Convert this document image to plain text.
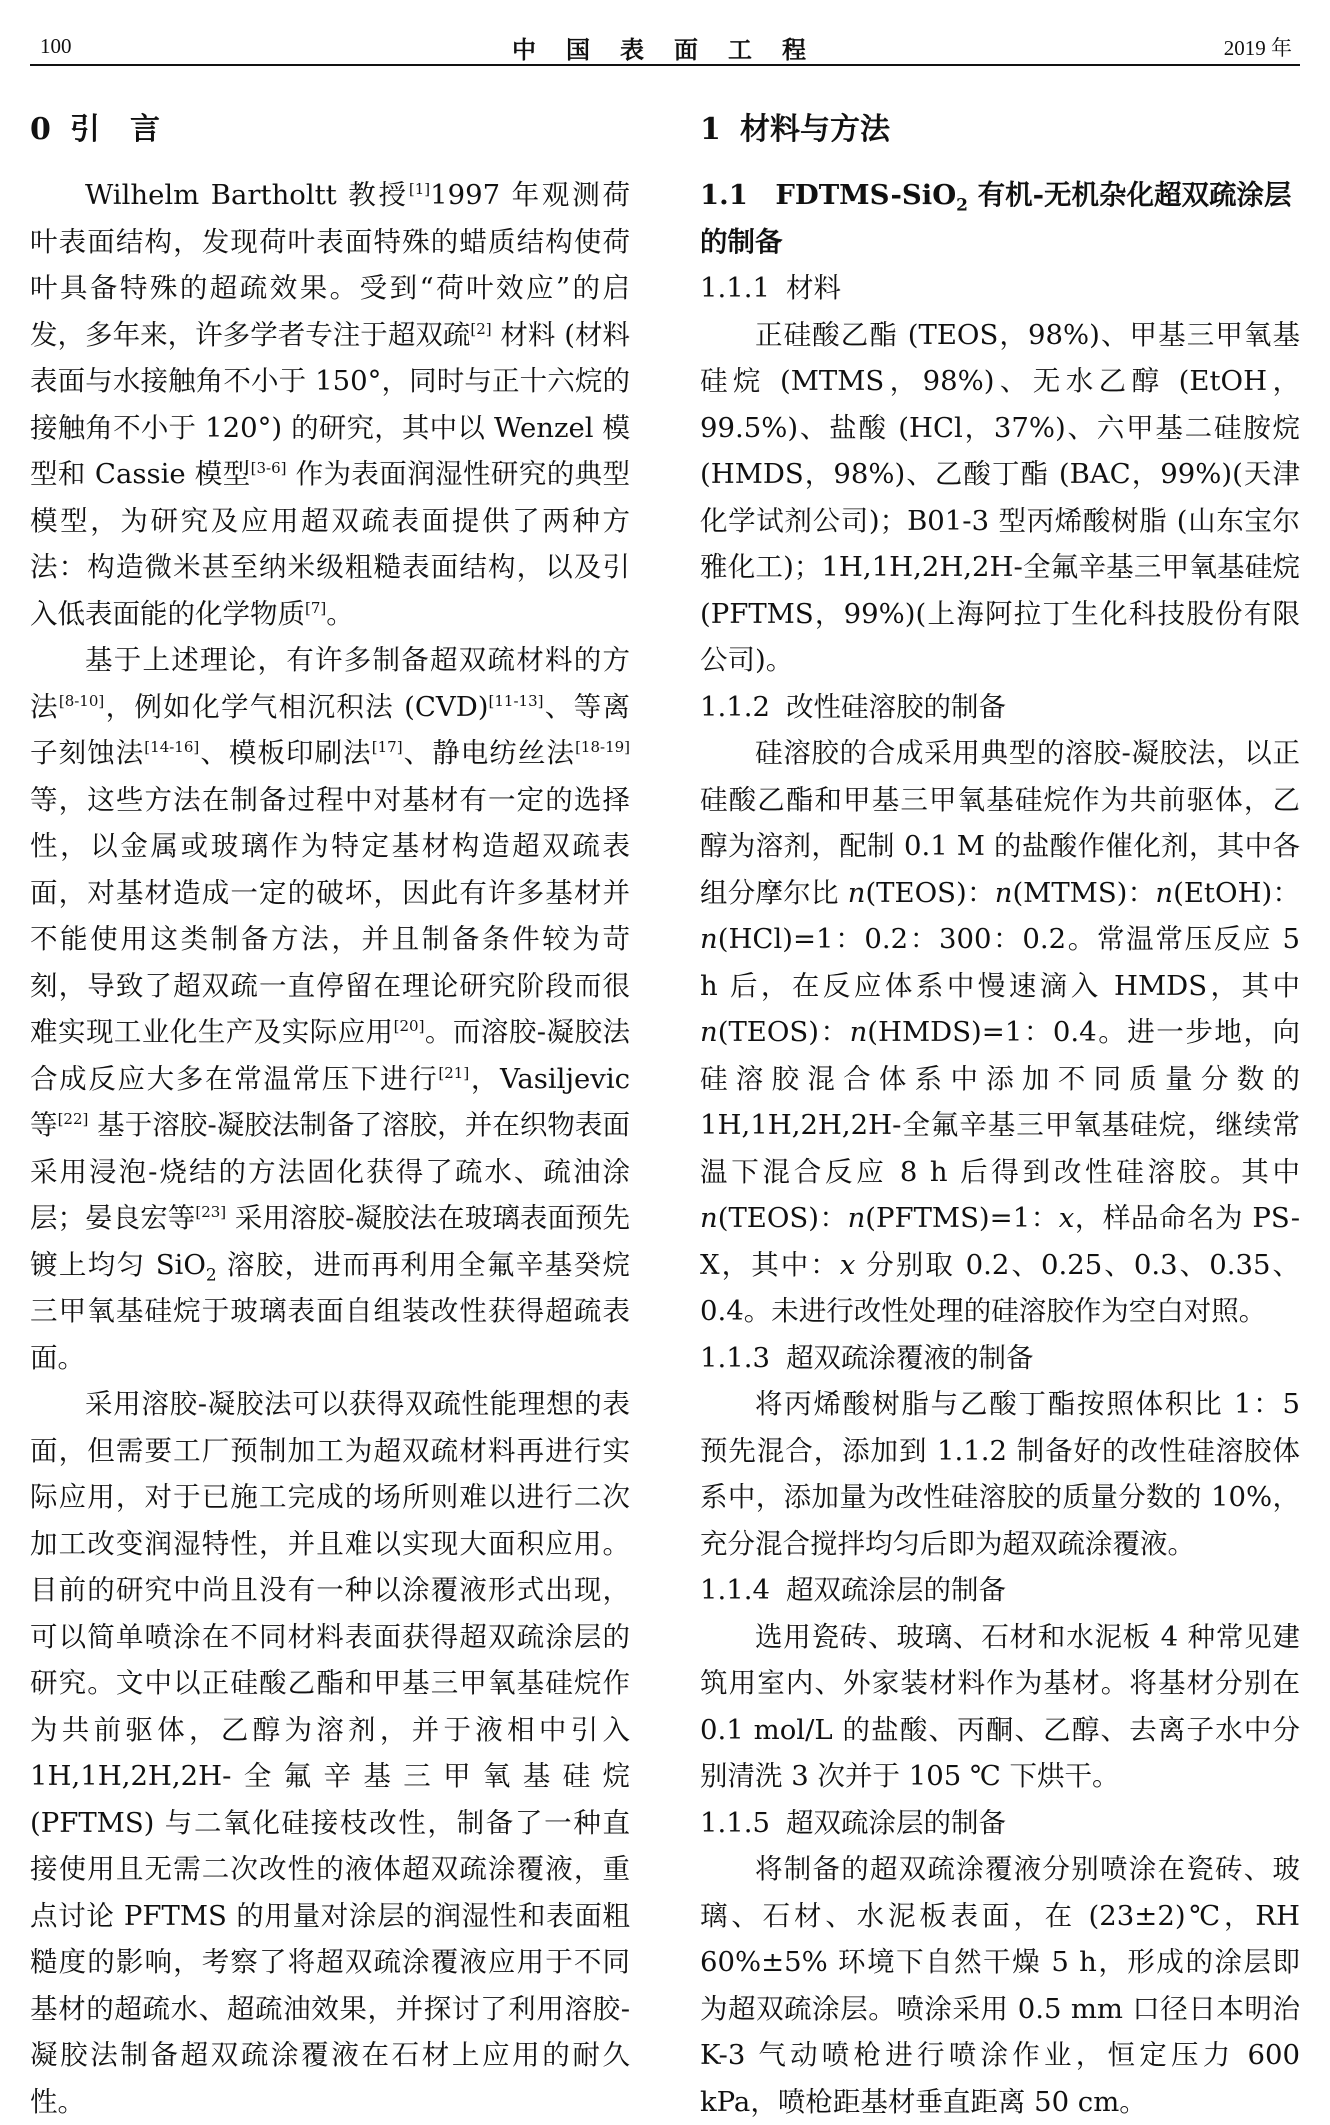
100	中 国 表 面 工 程	2019 年
0 引　言

Wilhelm Bartholtt 教授[1]1997 年观测荷叶表面结构，发现荷叶表面特殊的蜡质结构使荷叶具备特殊的超疏效果。受到“荷叶效应”的启发，多年来，许多学者专注于超双疏[2] 材料 (材料表面与水接触角不小于 150°，同时与正十六烷的接触角不小于 120°) 的研究，其中以 Wenzel 模型和 Cassie 模型[3-6] 作为表面润湿性研究的典型模型，为研究及应用超双疏表面提供了两种方法：构造微米甚至纳米级粗糙表面结构，以及引入低表面能的化学物质[7]。

基于上述理论，有许多制备超双疏材料的方法[8-10]，例如化学气相沉积法 (CVD)[11-13]、等离子刻蚀法[14-16]、模板印刷法[17]、静电纺丝法[18-19]等，这些方法在制备过程中对基材有一定的选择性，以金属或玻璃作为特定基材构造超双疏表面，对基材造成一定的破坏，因此有许多基材并不能使用这类制备方法，并且制备条件较为苛刻，导致了超双疏一直停留在理论研究阶段而很难实现工业化生产及实际应用[20]。而溶胶-凝胶法合成反应大多在常温常压下进行[21]，Vasiljevic 等[22] 基于溶胶-凝胶法制备了溶胶，并在织物表面采用浸泡-烧结的方法固化获得了疏水、疏油涂层；晏良宏等[23] 采用溶胶-凝胶法在玻璃表面预先镀上均匀 SiO$_2$ 溶胶，进而再利用全氟辛基癸烷三甲氧基硅烷于玻璃表面自组装改性获得超疏表面。

采用溶胶-凝胶法可以获得双疏性能理想的表面，但需要工厂预制加工为超双疏材料再进行实际应用，对于已施工完成的场所则难以进行二次加工改变润湿特性，并且难以实现大面积应用。目前的研究中尚且没有一种以涂覆液形式出现，可以简单喷涂在不同材料表面获得超双疏涂层的研究。文中以正硅酸乙酯和甲基三甲氧基硅烷作为共前驱体，乙醇为溶剂，并于液相中引入 1H,1H,2H,2H-全氟辛基三甲氧基硅烷 (PFTMS) 与二氧化硅接枝改性，制备了一种直接使用且无需二次改性的液体超双疏涂覆液，重点讨论 PFTMS 的用量对涂层的润湿性和表面粗糙度的影响，考察了将超双疏涂覆液应用于不同基材的超疏水、超疏油效果，并探讨了利用溶胶-凝胶法制备超双疏涂覆液在石材上应用的耐久性。

1 材料与方法
1.1　FDTMS-SiO$_2$ 有机-无机杂化超双疏涂层的制备
1.1.1 材料

正硅酸乙酯 (TEOS，98%)、甲基三甲氧基硅烷 (MTMS，98%)、无水乙醇 (EtOH，99.5%)、盐酸 (HCl，37%)、六甲基二硅胺烷 (HMDS，98%)、乙酸丁酯 (BAC，99%)(天津化学试剂公司)；B01-3 型丙烯酸树脂 (山东宝尔雅化工)；1H,1H,2H,2H-全氟辛基三甲氧基硅烷 (PFTMS，99%)(上海阿拉丁生化科技股份有限公司)。

1.1.2 改性硅溶胶的制备

硅溶胶的合成采用典型的溶胶-凝胶法，以正硅酸乙酯和甲基三甲氧基硅烷作为共前驱体，乙醇为溶剂，配制 0.1 M 的盐酸作催化剂，其中各组分摩尔比 n(TEOS)：n(MTMS)：n(EtOH)：n(HCl)=1：0.2：300：0.2。常温常压反应 5 h 后，在反应体系中慢速滴入 HMDS，其中 n(TEOS)：n(HMDS)=1：0.4。进一步地，向硅溶胶混合体系中添加不同质量分数的 1H,1H,2H,2H-全氟辛基三甲氧基硅烷，继续常温下混合反应 8 h 后得到改性硅溶胶。其中 n(TEOS)：n(PFTMS)=1：x，样品命名为 PS-X，其中：x 分别取 0.2、0.25、0.3、0.35、0.4。未进行改性处理的硅溶胶作为空白对照。

1.1.3 超双疏涂覆液的制备

将丙烯酸树脂与乙酸丁酯按照体积比 1：5 预先混合，添加到 1.1.2 制备好的改性硅溶胶体系中，添加量为改性硅溶胶的质量分数的 10%，充分混合搅拌均匀后即为超双疏涂覆液。

1.1.4 超双疏涂层的制备

选用瓷砖、玻璃、石材和水泥板 4 种常见建筑用室内、外家装材料作为基材。将基材分别在 0.1 mol/L 的盐酸、丙酮、乙醇、去离子水中分别清洗 3 次并于 105 ℃ 下烘干。

1.1.5 超双疏涂层的制备

将制备的超双疏涂覆液分别喷涂在瓷砖、玻璃、石材、水泥板表面，在 (23±2)℃，RH 60%±5% 环境下自然干燥 5 h，形成的涂层即为超双疏涂层。喷涂采用 0.5 mm 口径日本明治 K-3 气动喷枪进行喷涂作业，恒定压力 600 kPa，喷枪距基材垂直距离 50 cm。
